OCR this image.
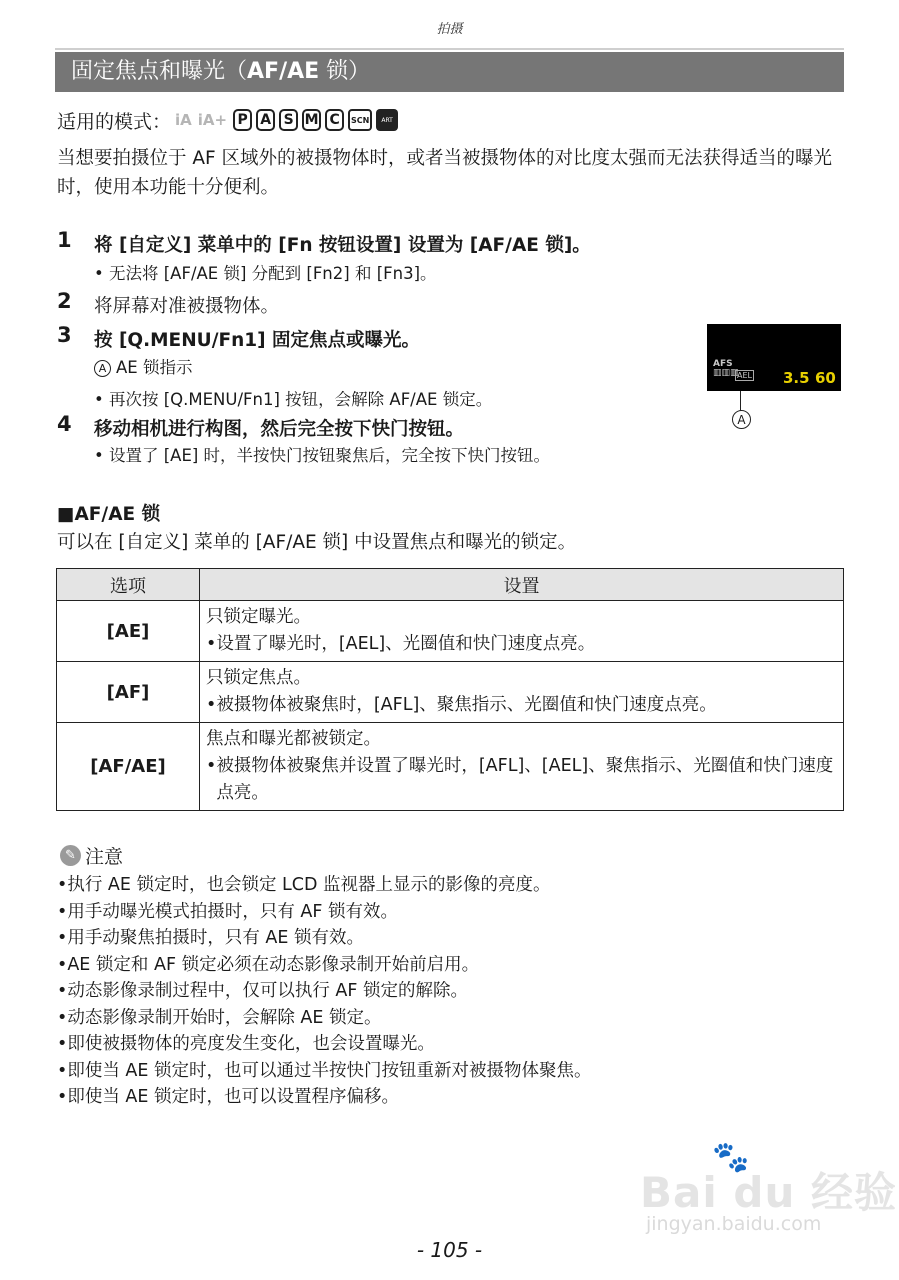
拍摄
固定焦点和曝光（AF/AE 锁）
适用的模式： iA iA+ P A S M C	SCN	ART
当想要拍摄位于 AF 区域外的被摄物体时，或者当被摄物体的对比度太强而无法获得适当的曝光时，使用本功能十分便利。
1 将 [自定义] 菜单中的 [Fn 按钮设置] 设置为 [AF/AE 锁]。
• 无法将 [AF/AE 锁] 分配到 [Fn2] 和 [Fn3]。
2 将屏幕对准被摄物体。
3 按 [Q.MENU/Fn1] 固定焦点或曝光。
A AE 锁指示
• 再次按 [Q.MENU/Fn1] 按钮，会解除 AF/AE 锁定。
4 移动相机进行构图，然后完全按下快门按钮。
• 设置了 [AE] 时，半按快门按钮聚焦后，完全按下快门按钮。
AFS
▥▥▥
AEL 3.5 60
A
■AF/AE 锁
可以在 [自定义] 菜单的 [AF/AE 锁] 中设置焦点和曝光的锁定。
选项	设置
[AE]	只锁定曝光。
• 设置了曝光时，[AEL]、光圈值和快门速度点亮。

[AF]	只锁定焦点。
• 被摄物体被聚焦时，[AFL]、聚焦指示、光圈值和快门速度点亮。

[AF/AE]	焦点和曝光都被锁定。
• 被摄物体被聚焦并设置了曝光时，[AFL]、[AEL]、聚焦指示、光圈值和快门速度点亮。
✎ 注意
•执行 AE 锁定时，也会锁定 LCD 监视器上显示的影像的亮度。
•用手动曝光模式拍摄时，只有 AF 锁有效。
•用手动聚焦拍摄时，只有 AE 锁有效。
•AE 锁定和 AF 锁定必须在动态影像录制开始前启用。
•动态影像录制过程中，仅可以执行 AF 锁定的解除。
•动态影像录制开始时，会解除 AE 锁定。
•即使被摄物体的亮度发生变化，也会设置曝光。
•即使当 AE 锁定时，也可以通过半按快门按钮重新对被摄物体聚焦。
•即使当 AE 锁定时，也可以设置程序偏移。
🐾
Bai du 经验
jingyan.baidu.com
- 105 -
